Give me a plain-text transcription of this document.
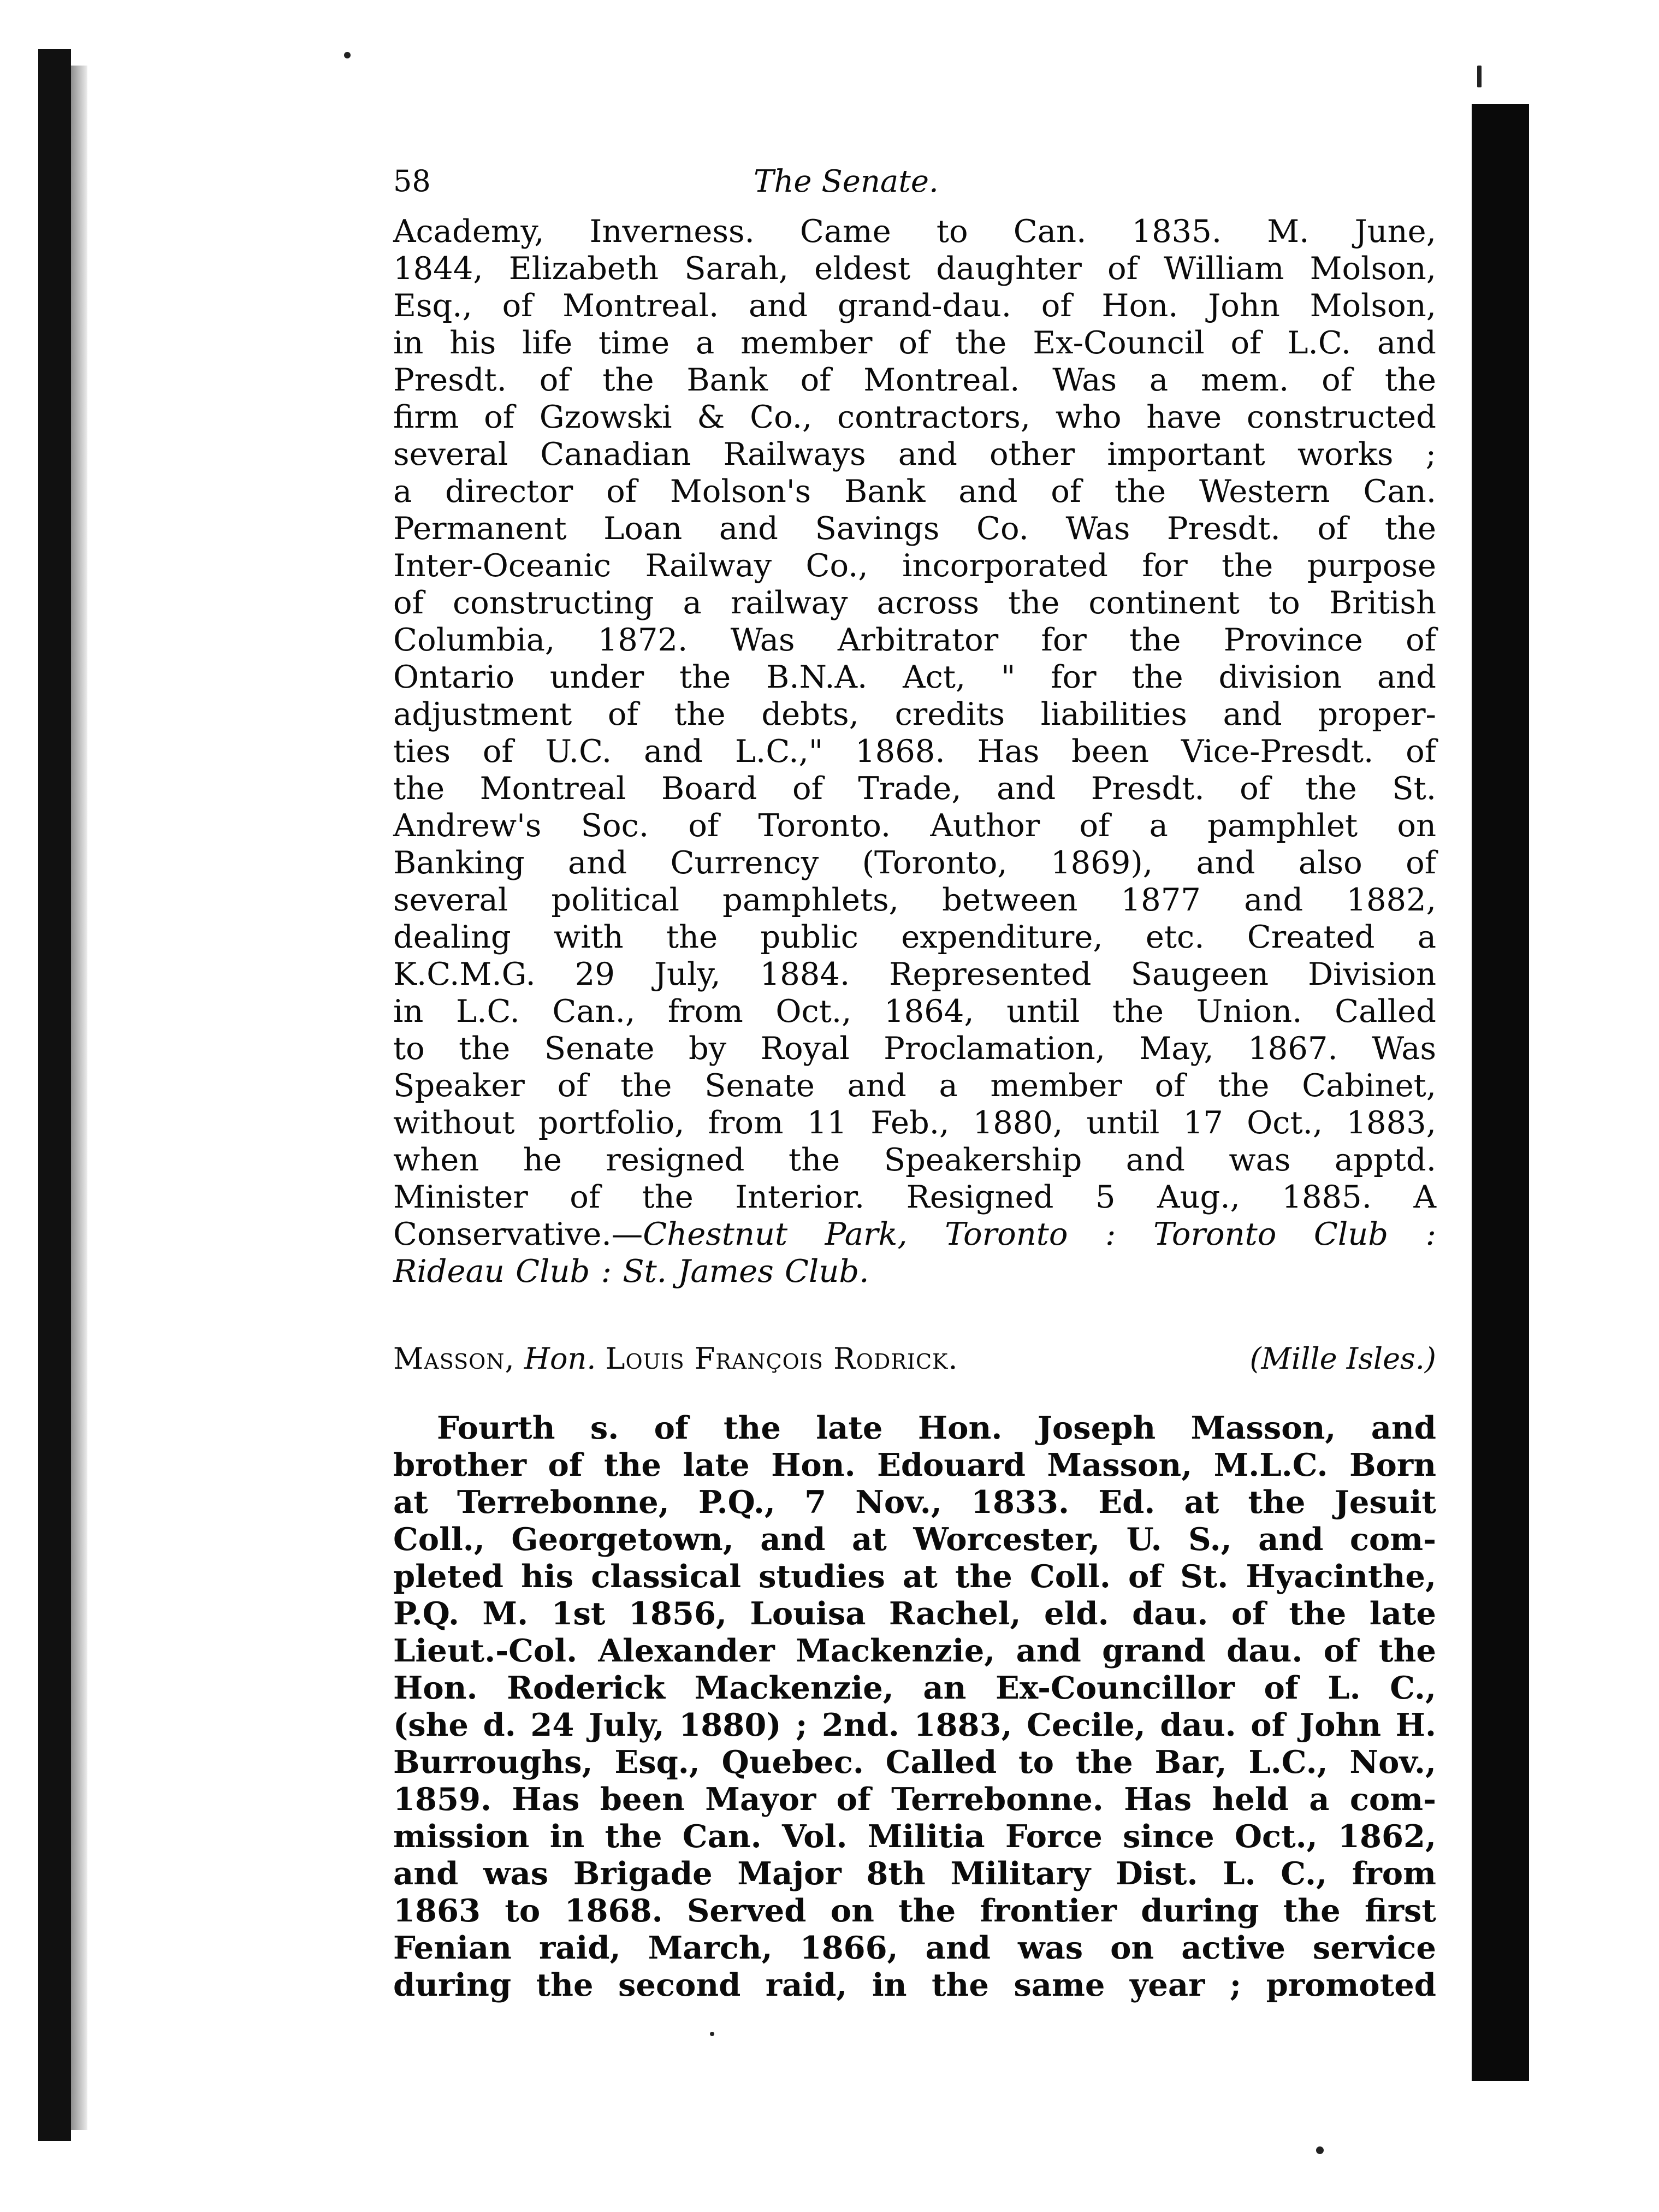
58	The Senate.
Academy, Inverness. Came to Can. 1835. M. June,
1844, Elizabeth Sarah, eldest daughter of William Molson,
Esq., of Montreal. and grand-dau. of Hon. John Molson,
in his life time a member of the Ex-Council of L.C. and
Presdt. of the Bank of Montreal. Was a mem. of the
firm of Gzowski & Co., contractors, who have constructed
several Canadian Railways and other important works ;
a director of Molson's Bank and of the Western Can.
Permanent Loan and Savings Co. Was Presdt. of the
Inter-Oceanic Railway Co., incorporated for the purpose
of constructing a railway across the continent to British
Columbia, 1872. Was Arbitrator for the Province of
Ontario under the B.N.A. Act, " for the division and
adjustment of the debts, credits liabilities and proper-
ties of U.C. and L.C.," 1868. Has been Vice-Presdt. of
the Montreal Board of Trade, and Presdt. of the St.
Andrew's Soc. of Toronto. Author of a pamphlet on
Banking and Currency (Toronto, 1869), and also of
several political pamphlets, between 1877 and 1882,
dealing with the public expenditure, etc. Created a
K.C.M.G. 29 July, 1884. Represented Saugeen Division
in L.C. Can., from Oct., 1864, until the Union. Called
to the Senate by Royal Proclamation, May, 1867. Was
Speaker of the Senate and a member of the Cabinet,
without portfolio, from 11 Feb., 1880, until 17 Oct., 1883,
when he resigned the Speakership and was apptd.
Minister of the Interior. Resigned 5 Aug., 1885. A
Conservative.—Chestnut Park, Toronto : Toronto Club :
Rideau Club : St. James Club.
Masson, Hon. Louis François Rodrick.	(Mille Isles.)
Fourth s. of the late Hon. Joseph Masson, and
brother of the late Hon. Edouard Masson, M.L.C. Born
at Terrebonne, P.Q., 7 Nov., 1833. Ed. at the Jesuit
Coll., Georgetown, and at Worcester, U. S., and com-
pleted his classical studies at the Coll. of St. Hyacinthe,
P.Q. M. 1st 1856, Louisa Rachel, eld. dau. of the late
Lieut.-Col. Alexander Mackenzie, and grand dau. of the
Hon. Roderick Mackenzie, an Ex-Councillor of L. C.,
(she d. 24 July, 1880) ; 2nd. 1883, Cecile, dau. of John H.
Burroughs, Esq., Quebec. Called to the Bar, L.C., Nov.,
1859. Has been Mayor of Terrebonne. Has held a com-
mission in the Can. Vol. Militia Force since Oct., 1862,
and was Brigade Major 8th Military Dist. L. C., from
1863 to 1868. Served on the frontier during the first
Fenian raid, March, 1866, and was on active service
during the second raid, in the same year ; promoted
